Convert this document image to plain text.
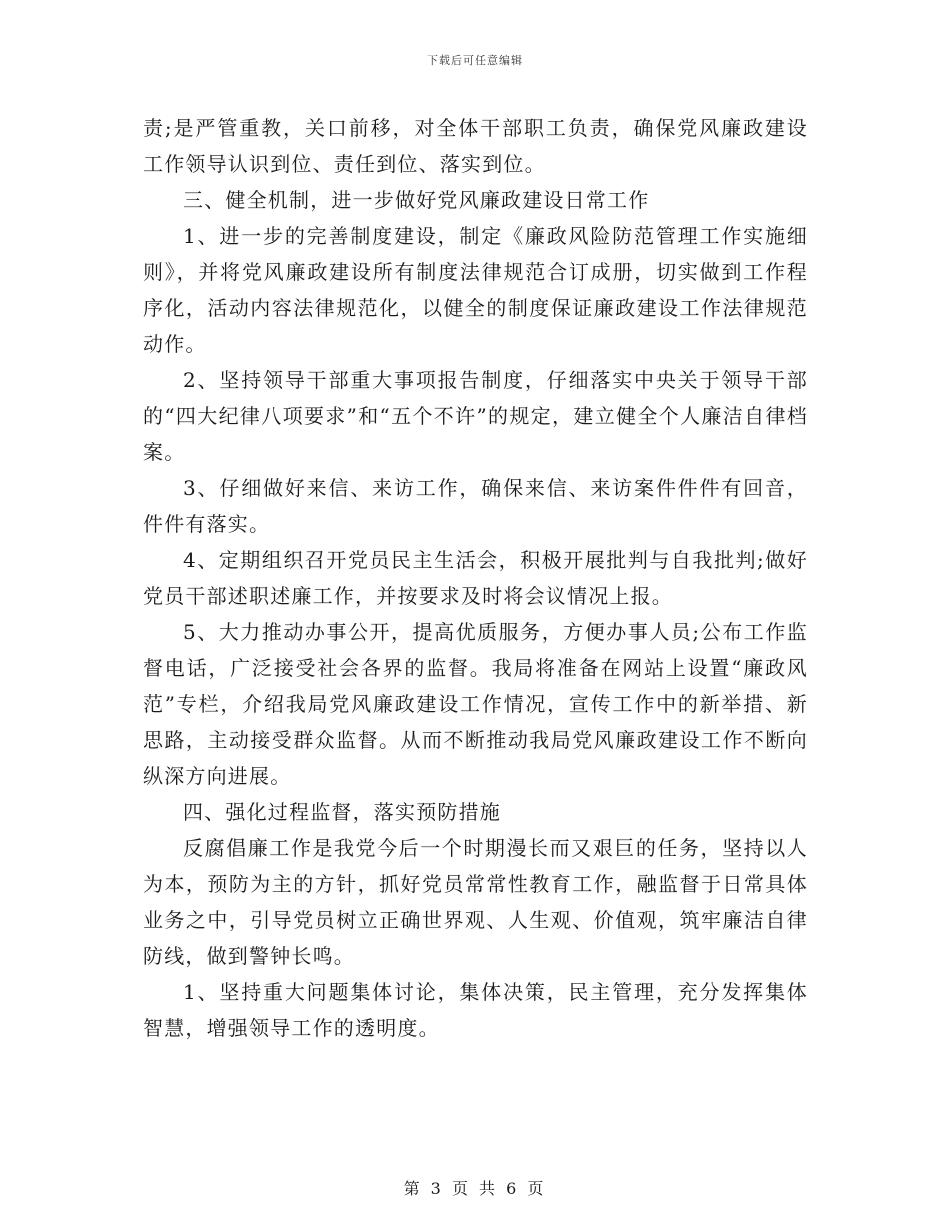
下载后可任意编辑

责;是严管重教，关口前移，对全体干部职工负责，确保党风廉政建设工作领导认识到位、责任到位、落实到位。

三、健全机制，进一步做好党风廉政建设日常工作

1、进一步的完善制度建设，制定《廉政风险防范管理工作实施细则》，并将党风廉政建设所有制度法律规范合订成册，切实做到工作程序化，活动内容法律规范化，以健全的制度保证廉政建设工作法律规范动作。

2、坚持领导干部重大事项报告制度，仔细落实中央关于领导干部的“四大纪律八项要求”和“五个不许”的规定，建立健全个人廉洁自律档案。

3、仔细做好来信、来访工作，确保来信、来访案件件件有回音，件件有落实。

4、定期组织召开党员民主生活会，积极开展批判与自我批判;做好党员干部述职述廉工作，并按要求及时将会议情况上报。

5、大力推动办事公开，提高优质服务，方便办事人员;公布工作监督电话，广泛接受社会各界的监督。我局将准备在网站上设置“廉政风范”专栏，介绍我局党风廉政建设工作情况，宣传工作中的新举措、新思路，主动接受群众监督。从而不断推动我局党风廉政建设工作不断向纵深方向进展。

四、强化过程监督，落实预防措施

反腐倡廉工作是我党今后一个时期漫长而又艰巨的任务，坚持以人为本，预防为主的方针，抓好党员常常性教育工作，融监督于日常具体业务之中，引导党员树立正确世界观、人生观、价值观，筑牢廉洁自律防线，做到警钟长鸣。

1、坚持重大问题集体讨论，集体决策，民主管理，充分发挥集体智慧，增强领导工作的透明度。

第 3 页 共 6 页
